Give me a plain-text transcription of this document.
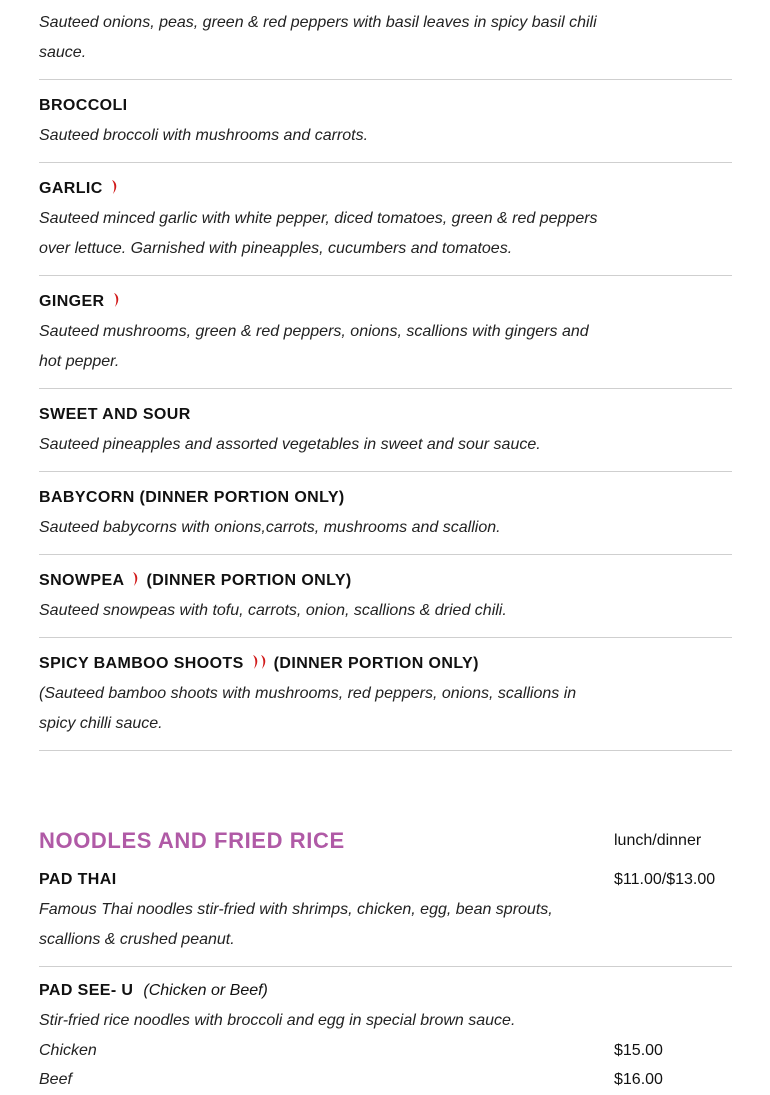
Sauteed onions, peas, green & red peppers with basil leaves in spicy basil chili sauce.
BROCCOLI
Sauteed broccoli with mushrooms and carrots.
GARLIC
Sauteed minced garlic with white pepper, diced tomatoes, green & red peppers over lettuce. Garnished with pineapples, cucumbers and tomatoes.
GINGER
Sauteed mushrooms, green & red peppers, onions, scallions with gingers and hot pepper.
SWEET AND SOUR
Sauteed pineapples and assorted vegetables in sweet and sour sauce.
BABYCORN (DINNER PORTION ONLY)
Sauteed babycorns with onions,carrots, mushrooms and scallion.
SNOWPEA (DINNER PORTION ONLY)
Sauteed snowpeas with tofu, carrots, onion, scallions & dried chili.
SPICY BAMBOO SHOOTS (DINNER PORTION ONLY)
(Sauteed bamboo shoots with mushrooms, red peppers, onions, scallions in spicy chilli sauce.
NOODLES AND FRIED RICE	lunch/dinner
PAD THAI	$11.00/$13.00
Famous Thai noodles stir-fried with shrimps, chicken, egg, bean sprouts, scallions & crushed peanut.
PAD SEE- U (Chicken or Beef)
Stir-fried rice noodles with broccoli and egg in special brown sauce.
Chicken	$15.00
Beef	$16.00
